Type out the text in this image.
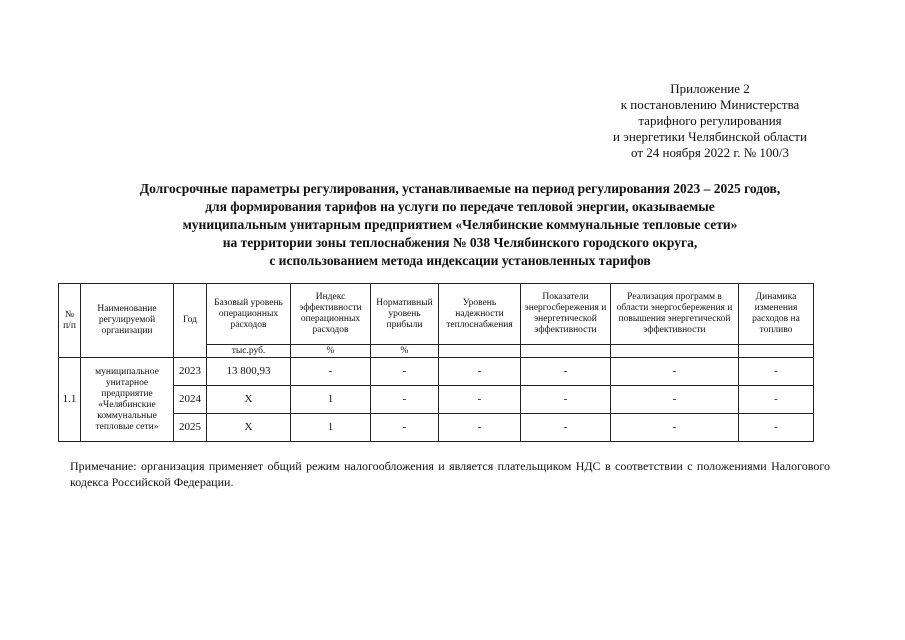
Приложение 2
к постановлению Министерства
тарифного регулирования
и энергетики Челябинской области
от 24 ноября 2022 г. № 100/3
Долгосрочные параметры регулирования, устанавливаемые на период регулирования 2023 – 2025 годов,
для формирования тарифов на услуги по передаче тепловой энергии, оказываемые
муниципальным унитарным предприятием «Челябинские коммунальные тепловые сети»
на территории зоны теплоснабжения № 038 Челябинского городского округа,
с использованием метода индексации установленных тарифов
№ п/п	Наименование регулируемой организации	Год	Базовый уровень операционных расходов	Индекс эффективности операционных расходов	Нормативный уровень прибыли	Уровень надежности теплоснабжения	Показатели энергосбережения и энергетической эффективности	Реализация программ в области энергосбережения и повышения энергетической эффективности	Динамика изменения расходов на топливо
			тыс.руб.	%	%				
1.1	муниципальное унитарное предприятие «Челябинские коммунальные тепловые сети»	2023	13 800,93	-	-	-	-	-	-
		2024	X	1	-	-	-	-	-
		2025	X	1	-	-	-	-	-
Примечание: организация применяет общий режим налогообложения и является плательщиком НДС в соответствии с положениями Налогового кодекса Российской Федерации.
